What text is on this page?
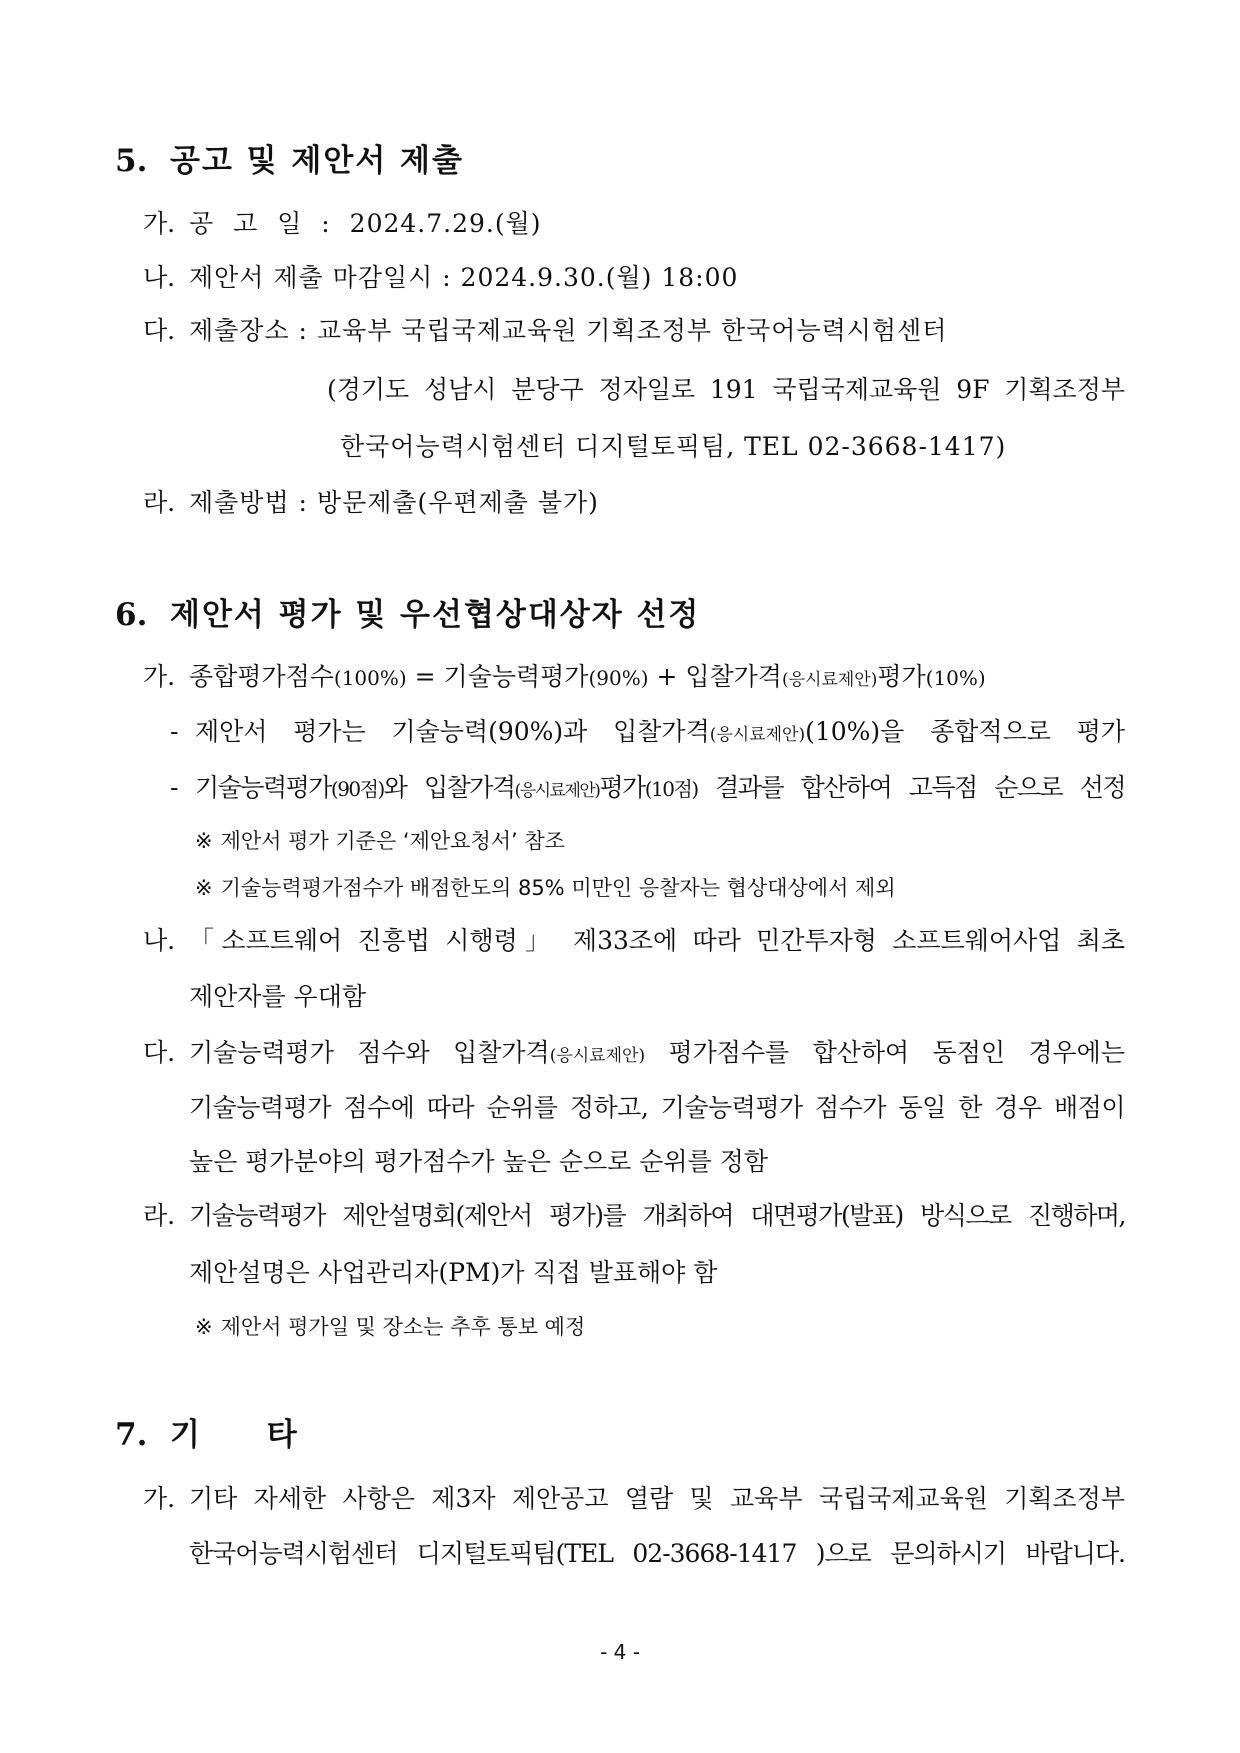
5. 공고 및 제안서 제출
가. 공 고 일 : 2024.7.29.(월)
나. 제안서 제출 마감일시 : 2024.9.30.(월) 18:00
다. 제출장소 : 교육부 국립국제교육원 기획조정부 한국어능력시험센터
(경기도 성남시 분당구 정자일로 191 국립국제교육원 9F 기획조정부
한국어능력시험센터 디지털토픽팀, TEL 02-3668-1417)
라. 제출방법 : 방문제출(우편제출 불가)
6. 제안서 평가 및 우선협상대상자 선정
가. 종합평가점수(100%) = 기술능력평가(90%) + 입찰가격(응시료제안)평가(10%)
- 제안서 평가는 기술능력(90%)과 입찰가격(응시료제안)(10%)을 종합적으로 평가
- 기술능력평가(90점)와 입찰가격(응시료제안)평가(10점) 결과를 합산하여 고득점 순으로 선정
※ 제안서 평가 기준은 ‘제안요청서’ 참조
※ 기술능력평가점수가 배점한도의 85% 미만인 응찰자는 협상대상에서 제외
나. 「소프트웨어 진흥법 시행령」 제33조에 따라 민간투자형 소프트웨어사업 최초
제안자를 우대함
다. 기술능력평가 점수와 입찰가격(응시료제안) 평가점수를 합산하여 동점인 경우에는
기술능력평가 점수에 따라 순위를 정하고, 기술능력평가 점수가 동일 한 경우 배점이
높은 평가분야의 평가점수가 높은 순으로 순위를 정함
라. 기술능력평가 제안설명회(제안서 평가)를 개최하여 대면평가(발표) 방식으로 진행하며,
제안설명은 사업관리자(PM)가 직접 발표해야 함
※ 제안서 평가일 및 장소는 추후 통보 예정
7. 기 타
가. 기타 자세한 사항은 제3자 제안공고 열람 및 교육부 국립국제교육원 기획조정부
한국어능력시험센터 디지털토픽팀(TEL 02-3668-1417 )으로 문의하시기 바랍니다.
- 4 -
